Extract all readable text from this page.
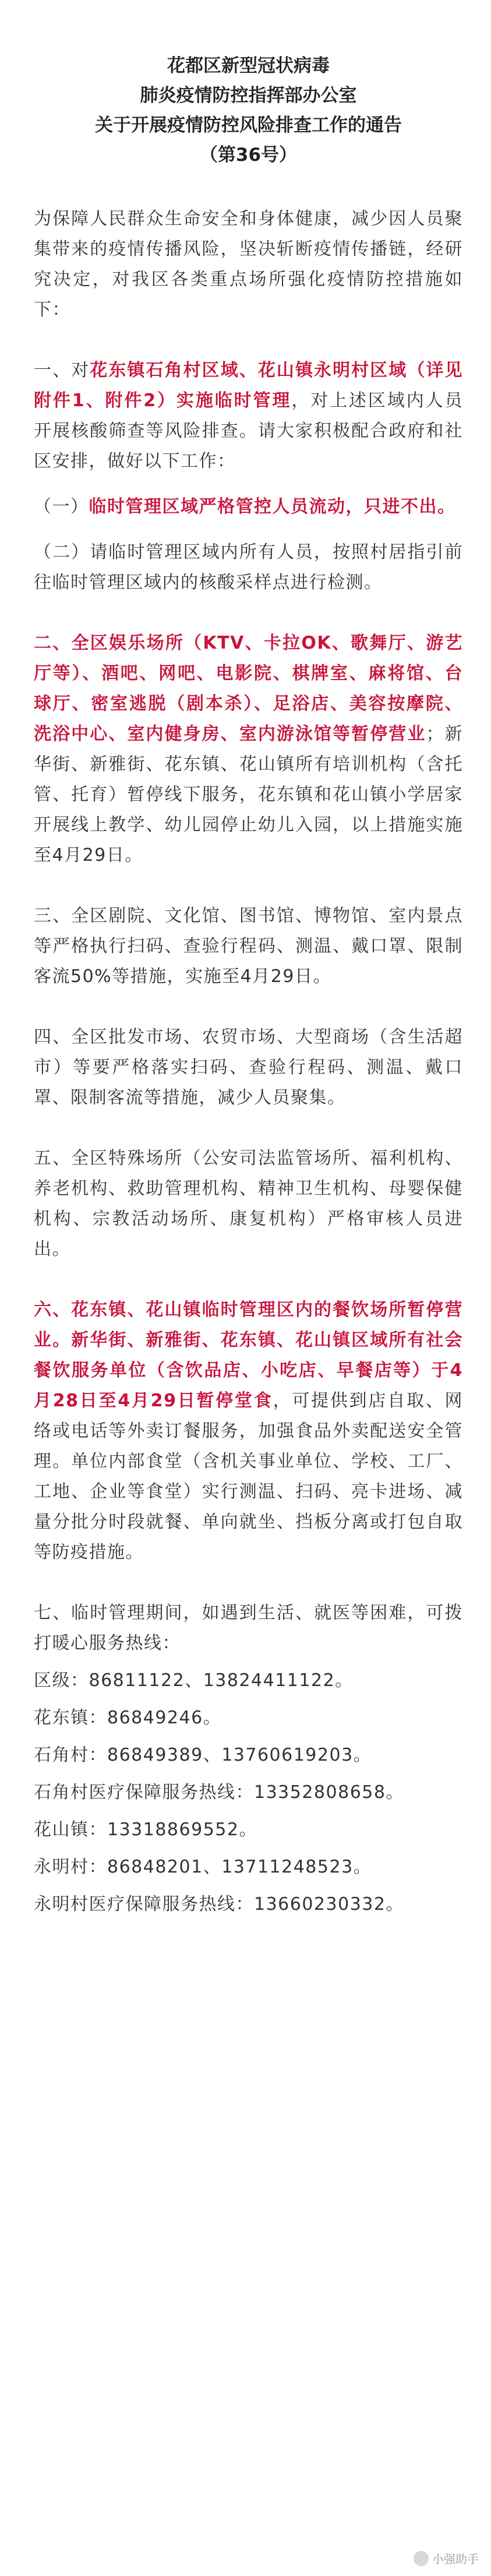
花都区新型冠状病毒
肺炎疫情防控指挥部办公室
关于开展疫情防控风险排查工作的通告
（第36号）

为保障人民群众生命安全和身体健康，减少因人员聚集带来的疫情传播风险，坚决斩断疫情传播链，经研究决定，对我区各类重点场所强化疫情防控措施如下：

一、对花东镇石角村区域、花山镇永明村区域（详见附件1、附件2）实施临时管理，对上述区域内人员开展核酸筛查等风险排查。请大家积极配合政府和社区安排，做好以下工作：

（一）临时管理区域严格管控人员流动，只进不出。

（二）请临时管理区域内所有人员，按照村居指引前往临时管理区域内的核酸采样点进行检测。

二、全区娱乐场所（KTV、卡拉OK、歌舞厅、游艺厅等）、酒吧、网吧、电影院、棋牌室、麻将馆、台球厅、密室逃脱（剧本杀）、足浴店、美容按摩院、洗浴中心、室内健身房、室内游泳馆等暂停营业；新华街、新雅街、花东镇、花山镇所有培训机构（含托管、托育）暂停线下服务，花东镇和花山镇小学居家开展线上教学、幼儿园停止幼儿入园，以上措施实施至4月29日。

三、全区剧院、文化馆、图书馆、博物馆、室内景点等严格执行扫码、查验行程码、测温、戴口罩、限制客流50%等措施，实施至4月29日。

四、全区批发市场、农贸市场、大型商场（含生活超市）等要严格落实扫码、查验行程码、测温、戴口罩、限制客流等措施，减少人员聚集。

五、全区特殊场所（公安司法监管场所、福利机构、养老机构、救助管理机构、精神卫生机构、母婴保健机构、宗教活动场所、康复机构）严格审核人员进出。

六、花东镇、花山镇临时管理区内的餐饮场所暂停营业。新华街、新雅街、花东镇、花山镇区域所有社会餐饮服务单位（含饮品店、小吃店、早餐店等）于4月28日至4月29日暂停堂食，可提供到店自取、网络或电话等外卖订餐服务，加强食品外卖配送安全管理。单位内部食堂（含机关事业单位、学校、工厂、工地、企业等食堂）实行测温、扫码、亮卡进场、减量分批分时段就餐、单向就坐、挡板分离或打包自取等防疫措施。

七、临时管理期间，如遇到生活、就医等困难，可拨打暖心服务热线：

区级：86811122、13824411122。

花东镇：86849246。

石角村：86849389、13760619203。

石角村医疗保障服务热线：13352808658。

花山镇：13318869552。

永明村：86848201、13711248523。

永明村医疗保障服务热线：13660230332。

小强助手
